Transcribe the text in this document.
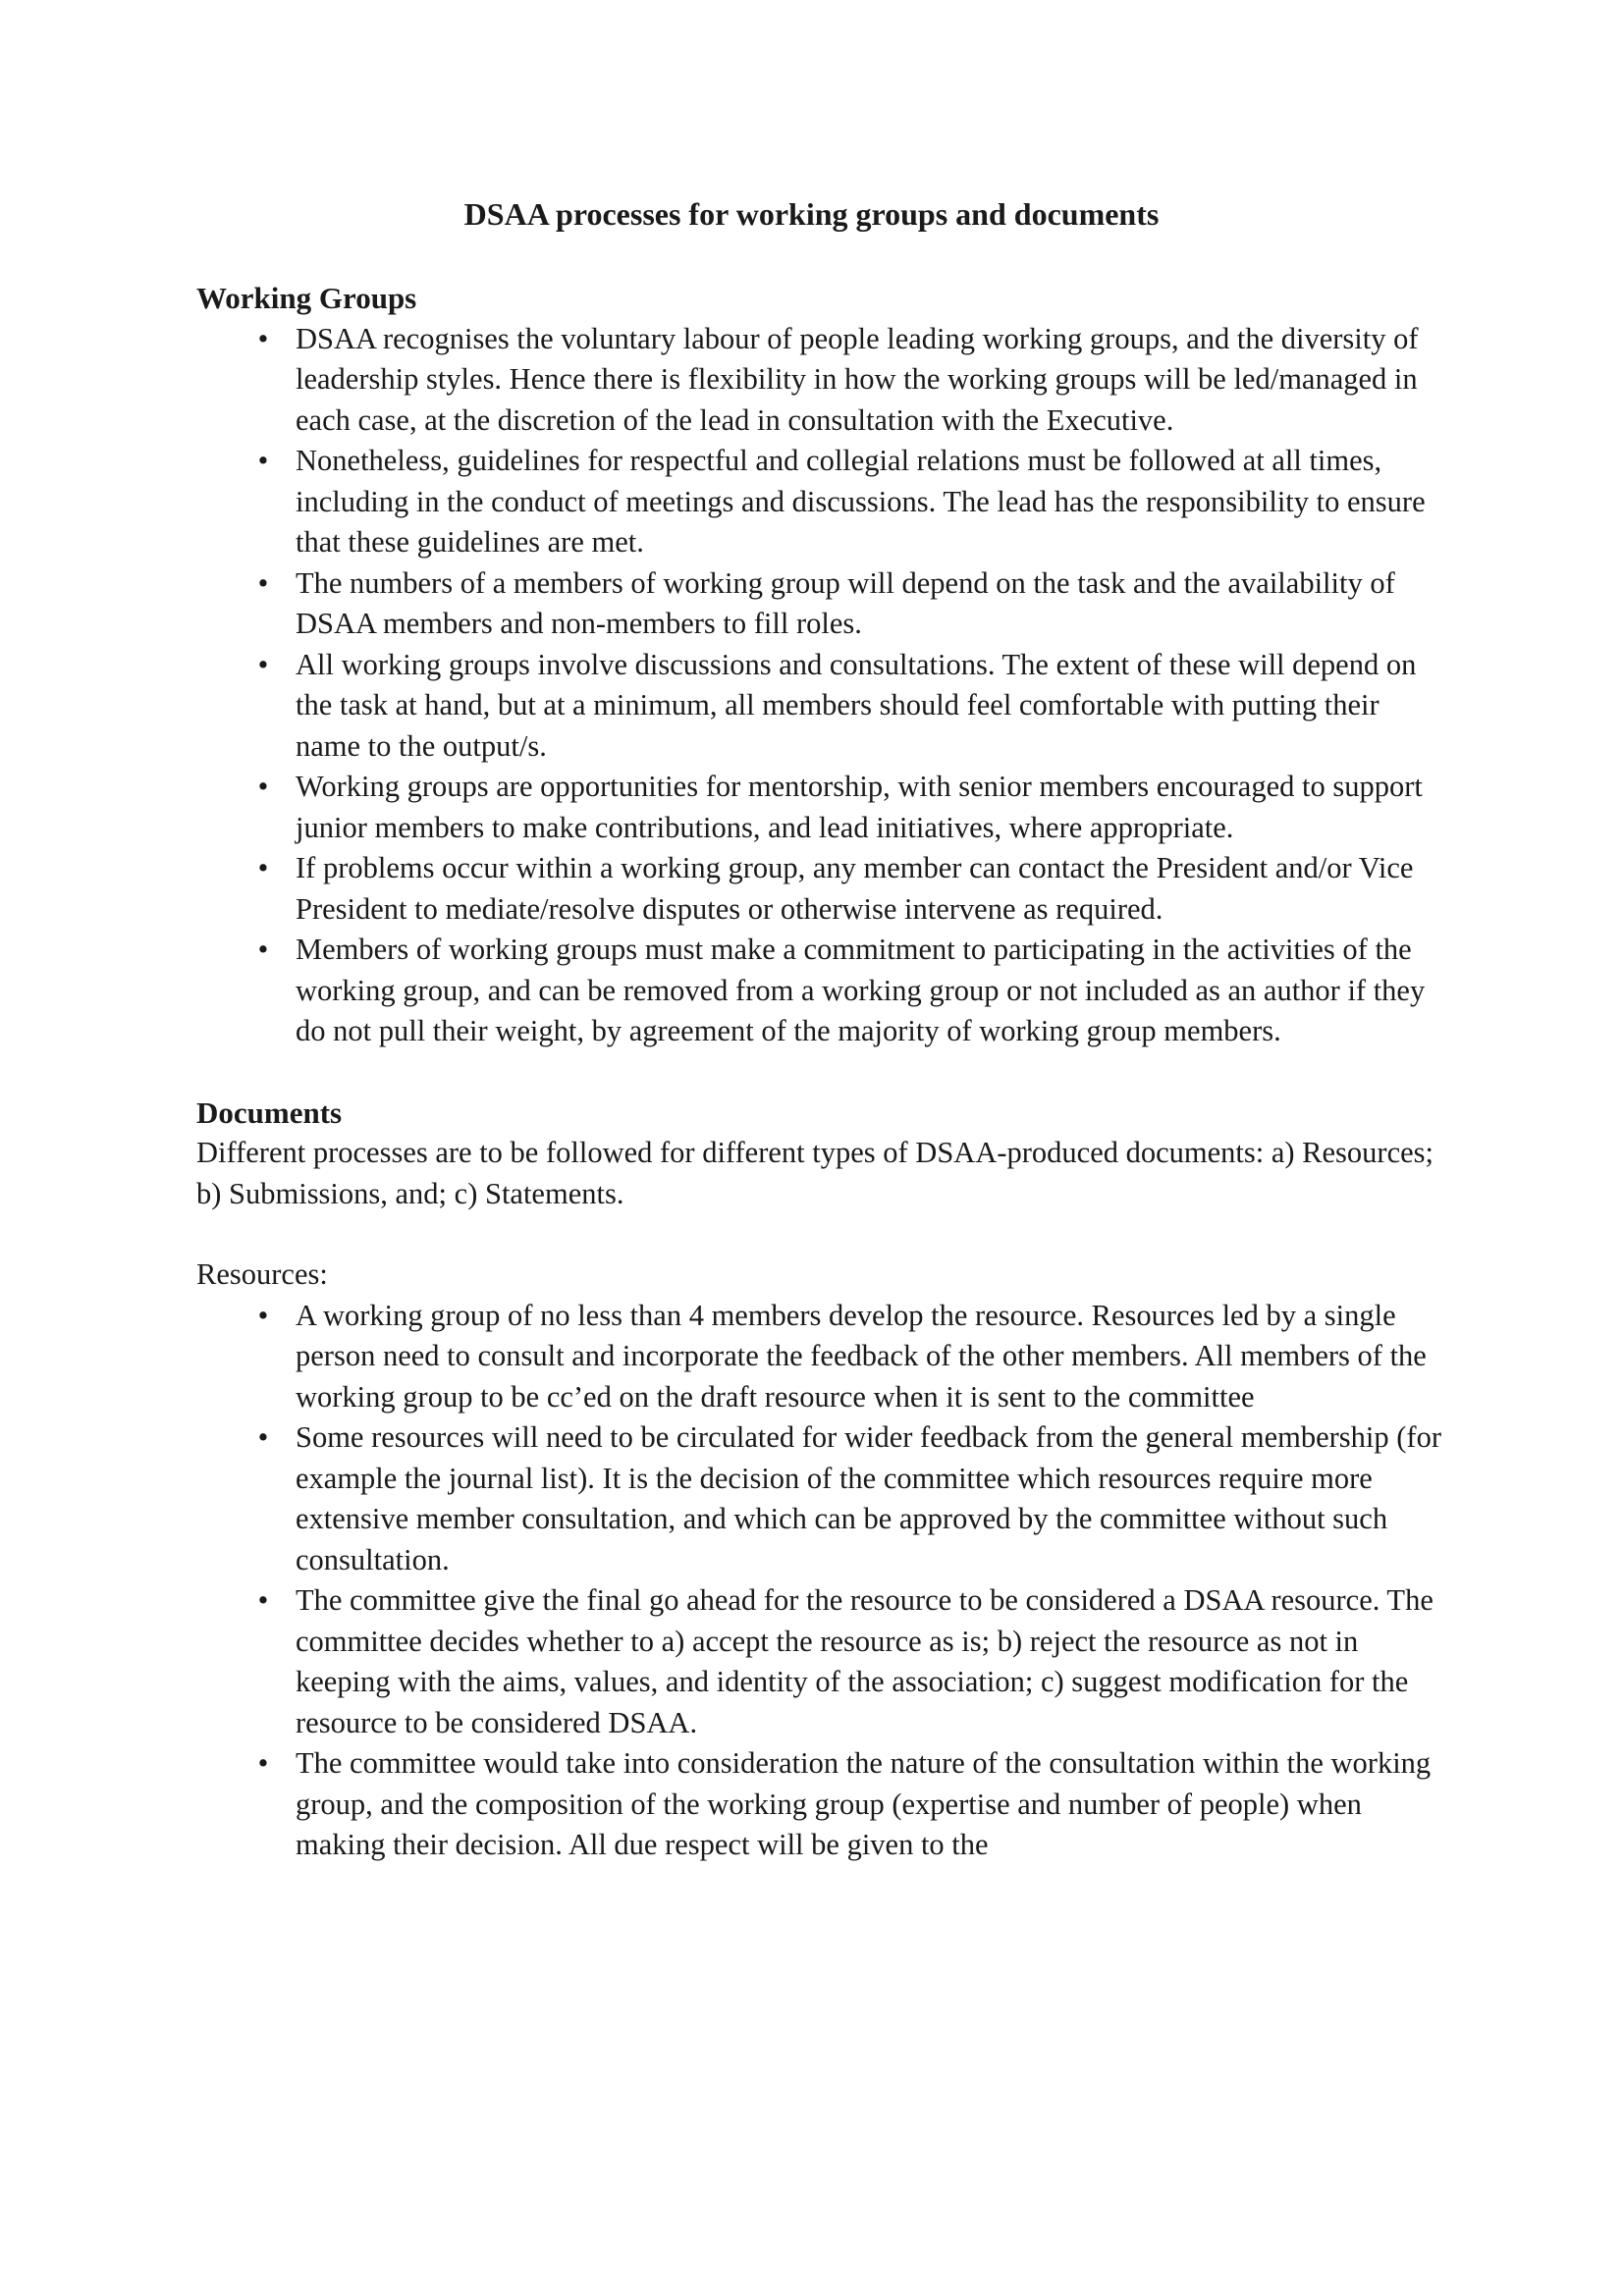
DSAA processes for working groups and documents
Working Groups
• DSAA recognises the voluntary labour of people leading working groups, and the diversity of leadership styles. Hence there is flexibility in how the working groups will be led/managed in each case, at the discretion of the lead in consultation with the Executive.
• Nonetheless, guidelines for respectful and collegial relations must be followed at all times, including in the conduct of meetings and discussions. The lead has the responsibility to ensure that these guidelines are met.
• The numbers of a members of working group will depend on the task and the availability of DSAA members and non-members to fill roles.
• All working groups involve discussions and consultations. The extent of these will depend on the task at hand, but at a minimum, all members should feel comfortable with putting their name to the output/s.
• Working groups are opportunities for mentorship, with senior members encouraged to support junior members to make contributions, and lead initiatives, where appropriate.
• If problems occur within a working group, any member can contact the President and/or Vice President to mediate/resolve disputes or otherwise intervene as required.
• Members of working groups must make a commitment to participating in the activities of the working group, and can be removed from a working group or not included as an author if they do not pull their weight, by agreement of the majority of working group members.
Documents

Different processes are to be followed for different types of DSAA-produced documents: a) Resources; b) Submissions, and; c) Statements.

Resources:

• A working group of no less than 4 members develop the resource. Resources led by a single person need to consult and incorporate the feedback of the other members. All members of the working group to be cc’ed on the draft resource when it is sent to the committee
• Some resources will need to be circulated for wider feedback from the general membership (for example the journal list). It is the decision of the committee which resources require more extensive member consultation, and which can be approved by the committee without such consultation.
• The committee give the final go ahead for the resource to be considered a DSAA resource. The committee decides whether to a) accept the resource as is; b) reject the resource as not in keeping with the aims, values, and identity of the association; c) suggest modification for the resource to be considered DSAA.
• The committee would take into consideration the nature of the consultation within the working group, and the composition of the working group (expertise and number of people) when making their decision. All due respect will be given to the
